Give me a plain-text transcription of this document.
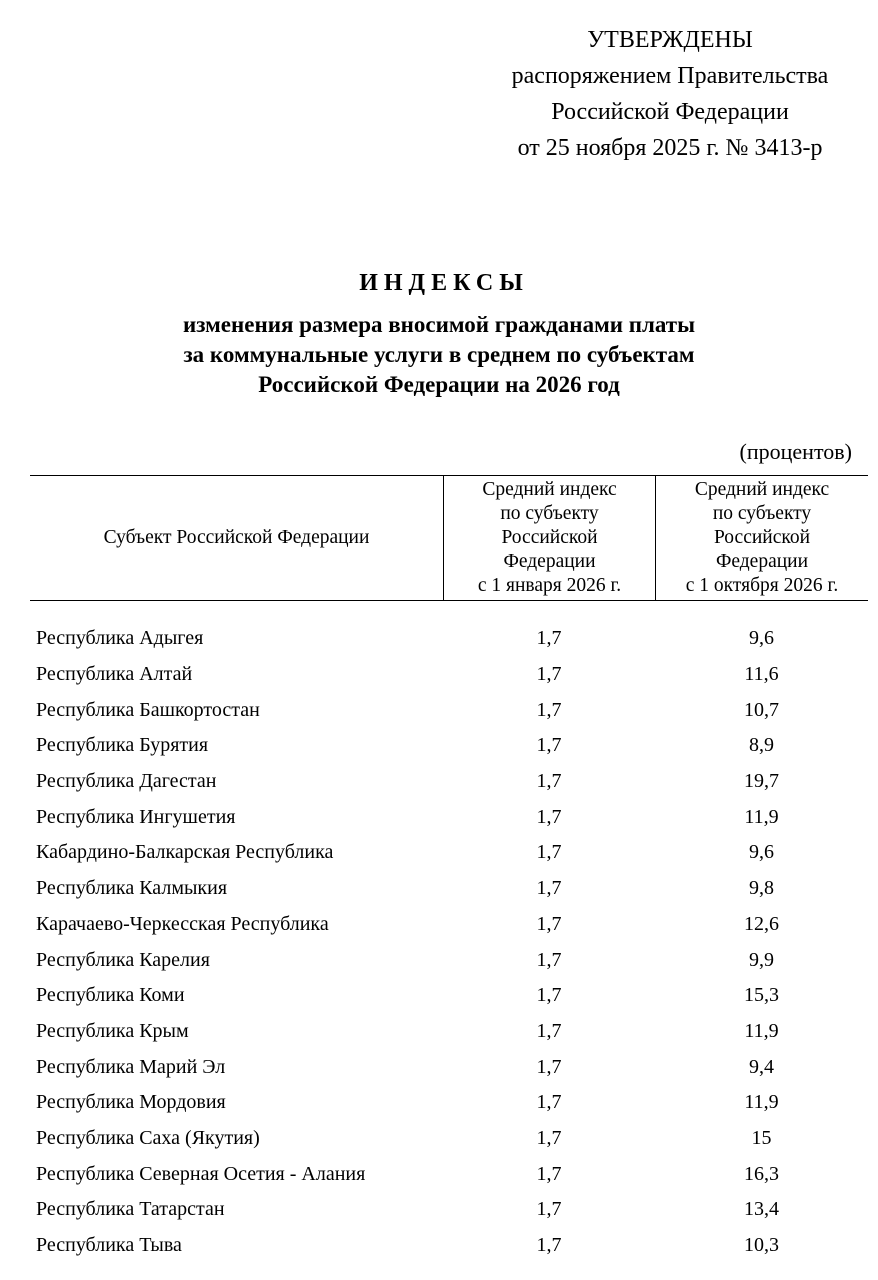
УТВЕРЖДЕНЫ
распоряжением Правительства
Российской Федерации
от 25 ноября 2025 г. № 3413-р
ИНДЕКСЫ
изменения размера вносимой гражданами платы
за коммунальные услуги в среднем по субъектам
Российской Федерации на 2026 год
(процентов)
Субъект Российской Федерации
Средний индекс
по субъекту
Российской
Федерации
с 1 января 2026 г.
Средний индекс
по субъекту
Российской
Федерации
с 1 октября 2026 г.
Республика Адыгея	1,7	9,6
Республика Алтай	1,7	11,6
Республика Башкортостан	1,7	10,7
Республика Бурятия	1,7	8,9
Республика Дагестан	1,7	19,7
Республика Ингушетия	1,7	11,9
Кабардино-Балкарская Республика	1,7	9,6
Республика Калмыкия	1,7	9,8
Карачаево-Черкесская Республика	1,7	12,6
Республика Карелия	1,7	9,9
Республика Коми	1,7	15,3
Республика Крым	1,7	11,9
Республика Марий Эл	1,7	9,4
Республика Мордовия	1,7	11,9
Республика Саха (Якутия)	1,7	15
Республика Северная Осетия - Алания	1,7	16,3
Республика Татарстан	1,7	13,4
Республика Тыва	1,7	10,3
